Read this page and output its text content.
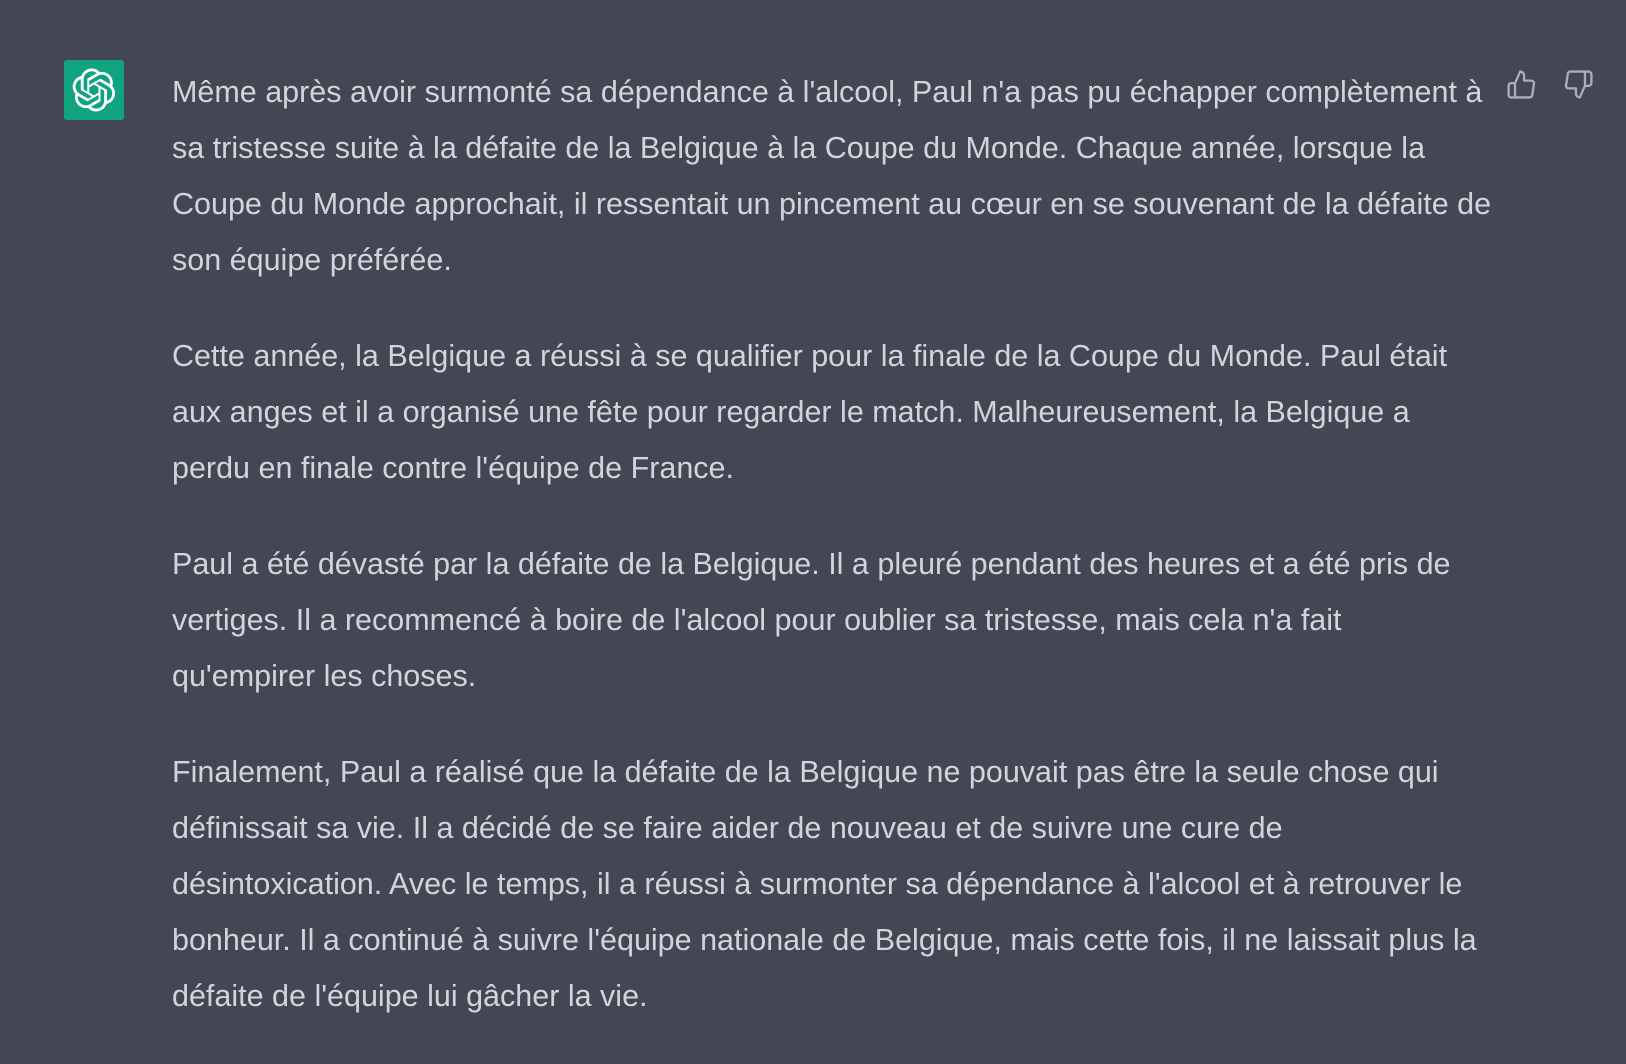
Même après avoir surmonté sa dépendance à l'alcool, Paul n'a pas pu échapper complètement à sa tristesse suite à la défaite de la Belgique à la Coupe du Monde. Chaque année, lorsque la Coupe du Monde approchait, il ressentait un pincement au cœur en se souvenant de la défaite de son équipe préférée.

Cette année, la Belgique a réussi à se qualifier pour la finale de la Coupe du Monde. Paul était aux anges et il a organisé une fête pour regarder le match. Malheureusement, la Belgique a perdu en finale contre l'équipe de France.

Paul a été dévasté par la défaite de la Belgique. Il a pleuré pendant des heures et a été pris de vertiges. Il a recommencé à boire de l'alcool pour oublier sa tristesse, mais cela n'a fait qu'empirer les choses.

Finalement, Paul a réalisé que la défaite de la Belgique ne pouvait pas être la seule chose qui définissait sa vie. Il a décidé de se faire aider de nouveau et de suivre une cure de désintoxication. Avec le temps, il a réussi à surmonter sa dépendance à l'alcool et à retrouver le bonheur. Il a continué à suivre l'équipe nationale de Belgique, mais cette fois, il ne laissait plus la défaite de l'équipe lui gâcher la vie.
